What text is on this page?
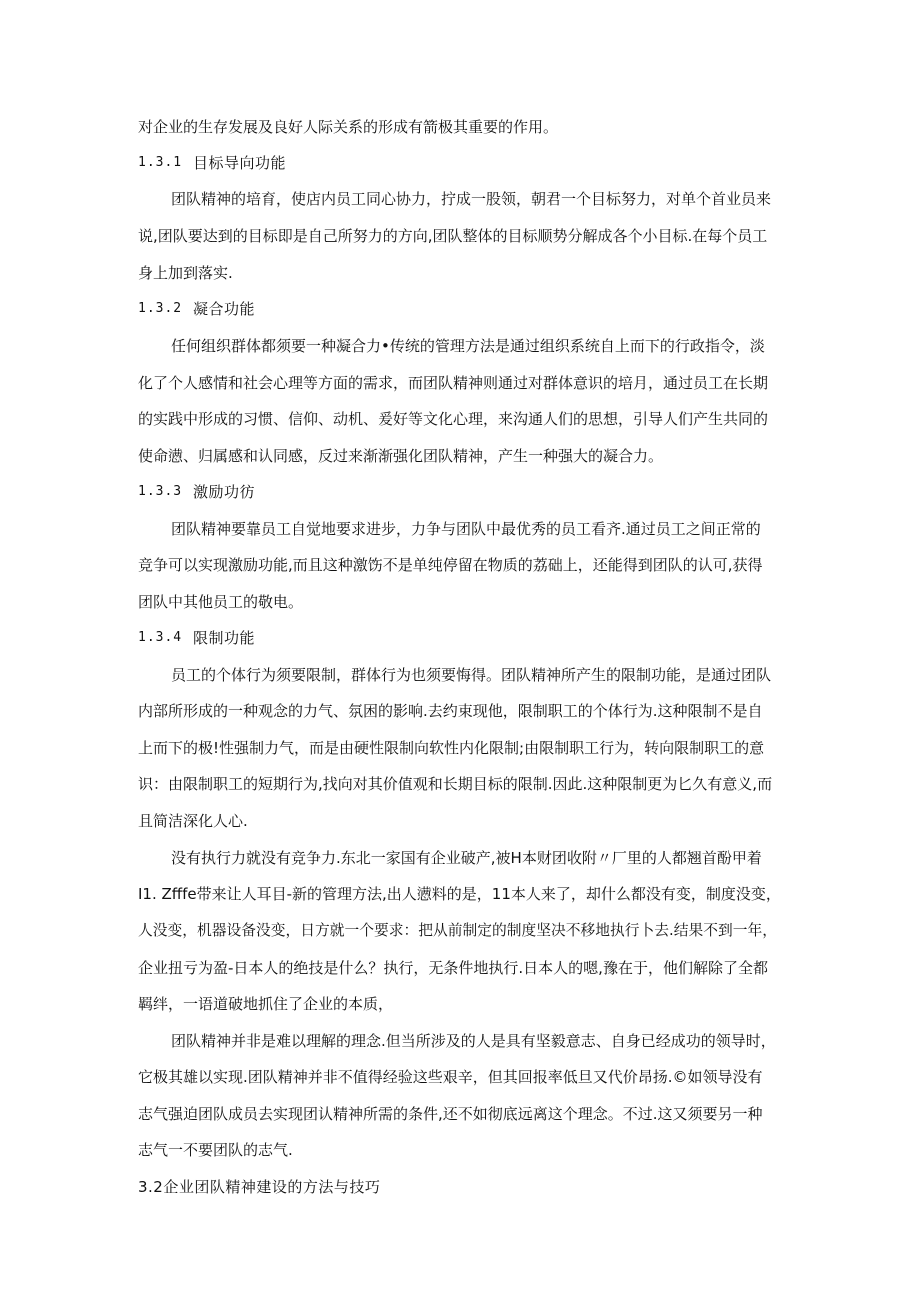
对企业的生存发展及良好人际关系的形成有箭极其重要的作用。
1.3.1 目标导向功能
团队精神的培育，使店内员工同心协力，拧成一股领，朝君一个目标努力，对单个首业员来
说,团队要达到的目标即是自己所努力的方向,团队整体的目标顺势分解成各个小目标.在每个员工
身上加到落实.
1.3.2 凝合功能
任何组织群体都须要一种凝合力•传统的管理方法是通过组织系统自上而下的行政指令，淡
化了个人感情和社会心理等方面的需求，而团队精神则通过对群体意识的培月，通过员工在长期
的实践中形成的习惯、信仰、动机、爰好等文化心理，来沟通人们的思想，引导人们产生共同的
使命懑、归属感和认同感，反过来渐渐强化团队精神，产生一种强大的凝合力。
1.3.3 激励功彷
团队精神要靠员工自觉地要求进步，力争与团队中最优秀的员工看齐.通过员工之间正常的
竞争可以实现激励功能,而且这种激饬不是单纯停留在物质的荔础上，还能得到团队的认可,获得
团队中其他员工的敬电。
1.3.4 限制功能
员工的个体行为须要限制，群体行为也须要悔得。团队精神所产生的限制功能，是通过团队
内部所形成的一种观念的力气、氛困的影响.去约束现他，限制职工的个体行为.这种限制不是自
上而下的极!性强制力气，而是由硬性限制向软性内化限制;由限制职工行为，转向限制职工的意
识：由限制职工的短期行为,找向对其价值观和长期目标的限制.因此.这种限制更为匕久有意义,而
且简洁深化人心.
没有执行力就没有竞争力.东北一家国有企业破产,被H本财团收附〃厂里的人都翘首酚甲着
I1. Zfffe带来让人耳目-新的管理方法,出人懑料的是，11本人来了，却什么都没有变，制度没变，
人没变，机器设备没变，日方就一个要求：把从前制定的制度坚决不移地执行卜去.结果不到一年，
企业扭亏为盈-日本人的绝技是什么？执行，无条件地执行.日本人的嗯,豫在于，他们解除了全都
羁绊，一语道破地抓住了企业的本质，
团队精神并非是难以理解的理念.但当所涉及的人是具有坚毅意志、自身已经成功的领导时，
它极其雄以实现.团队精神并非不值得经验这些艰辛，但其回报率低旦又代价昂扬.©如领导没有
志气强迫团队成员去实现团认精神所需的条件,还不如彻底远离这个理念。不过.这又须要另一种
志气一不要团队的志气.
3.2企业团队精神建设的方法与技巧
